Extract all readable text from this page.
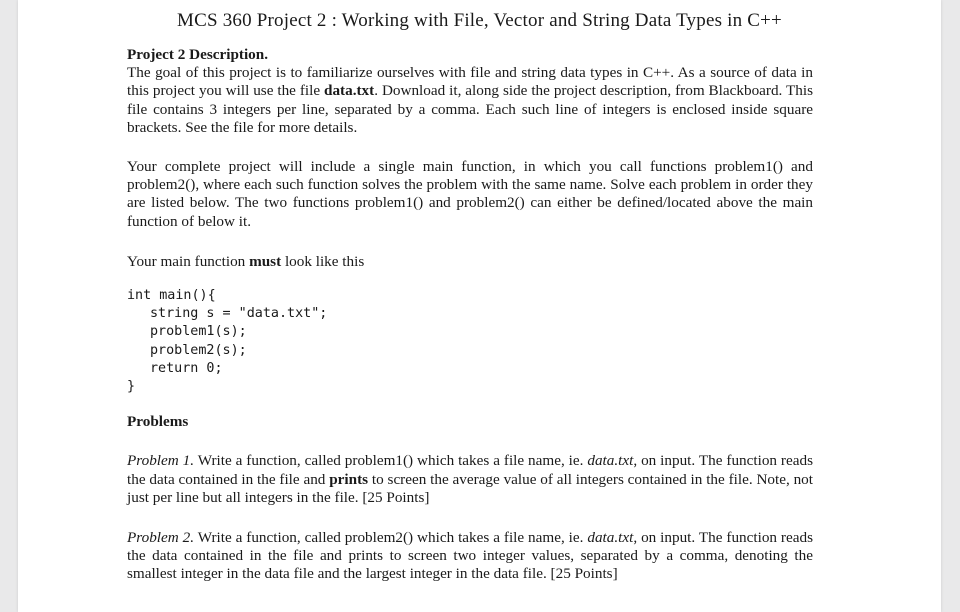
MCS 360 Project 2 : Working with File, Vector and String Data Types in C++

Project 2 Description.

The goal of this project is to familiarize ourselves with file and string data types in C++. As a source of data in this project you will use the file data.txt. Download it, along side the project description, from Blackboard. This file contains 3 integers per line, separated by a comma. Each such line of integers is enclosed inside square brackets. See the file for more details.

Your complete project will include a single main function, in which you call functions problem1() and problem2(), where each such function solves the problem with the same name. Solve each problem in order they are listed below. The two functions problem1() and problem2() can either be defined/located above the main function of below it.

Your main function must look like this

int main(){
string s = "data.txt";
problem1(s);
problem2(s);
return 0;
}

Problems

Problem 1. Write a function, called problem1() which takes a file name, ie. data.txt, on input. The function reads the data contained in the file and prints to screen the average value of all integers contained in the file. Note, not just per line but all integers in the file. [25 Points]

Problem 2. Write a function, called problem2() which takes a file name, ie. data.txt, on input. The function reads the data contained in the file and prints to screen two integer values, separated by a comma, denoting the smallest integer in the data file and the largest integer in the data file. [25 Points]
